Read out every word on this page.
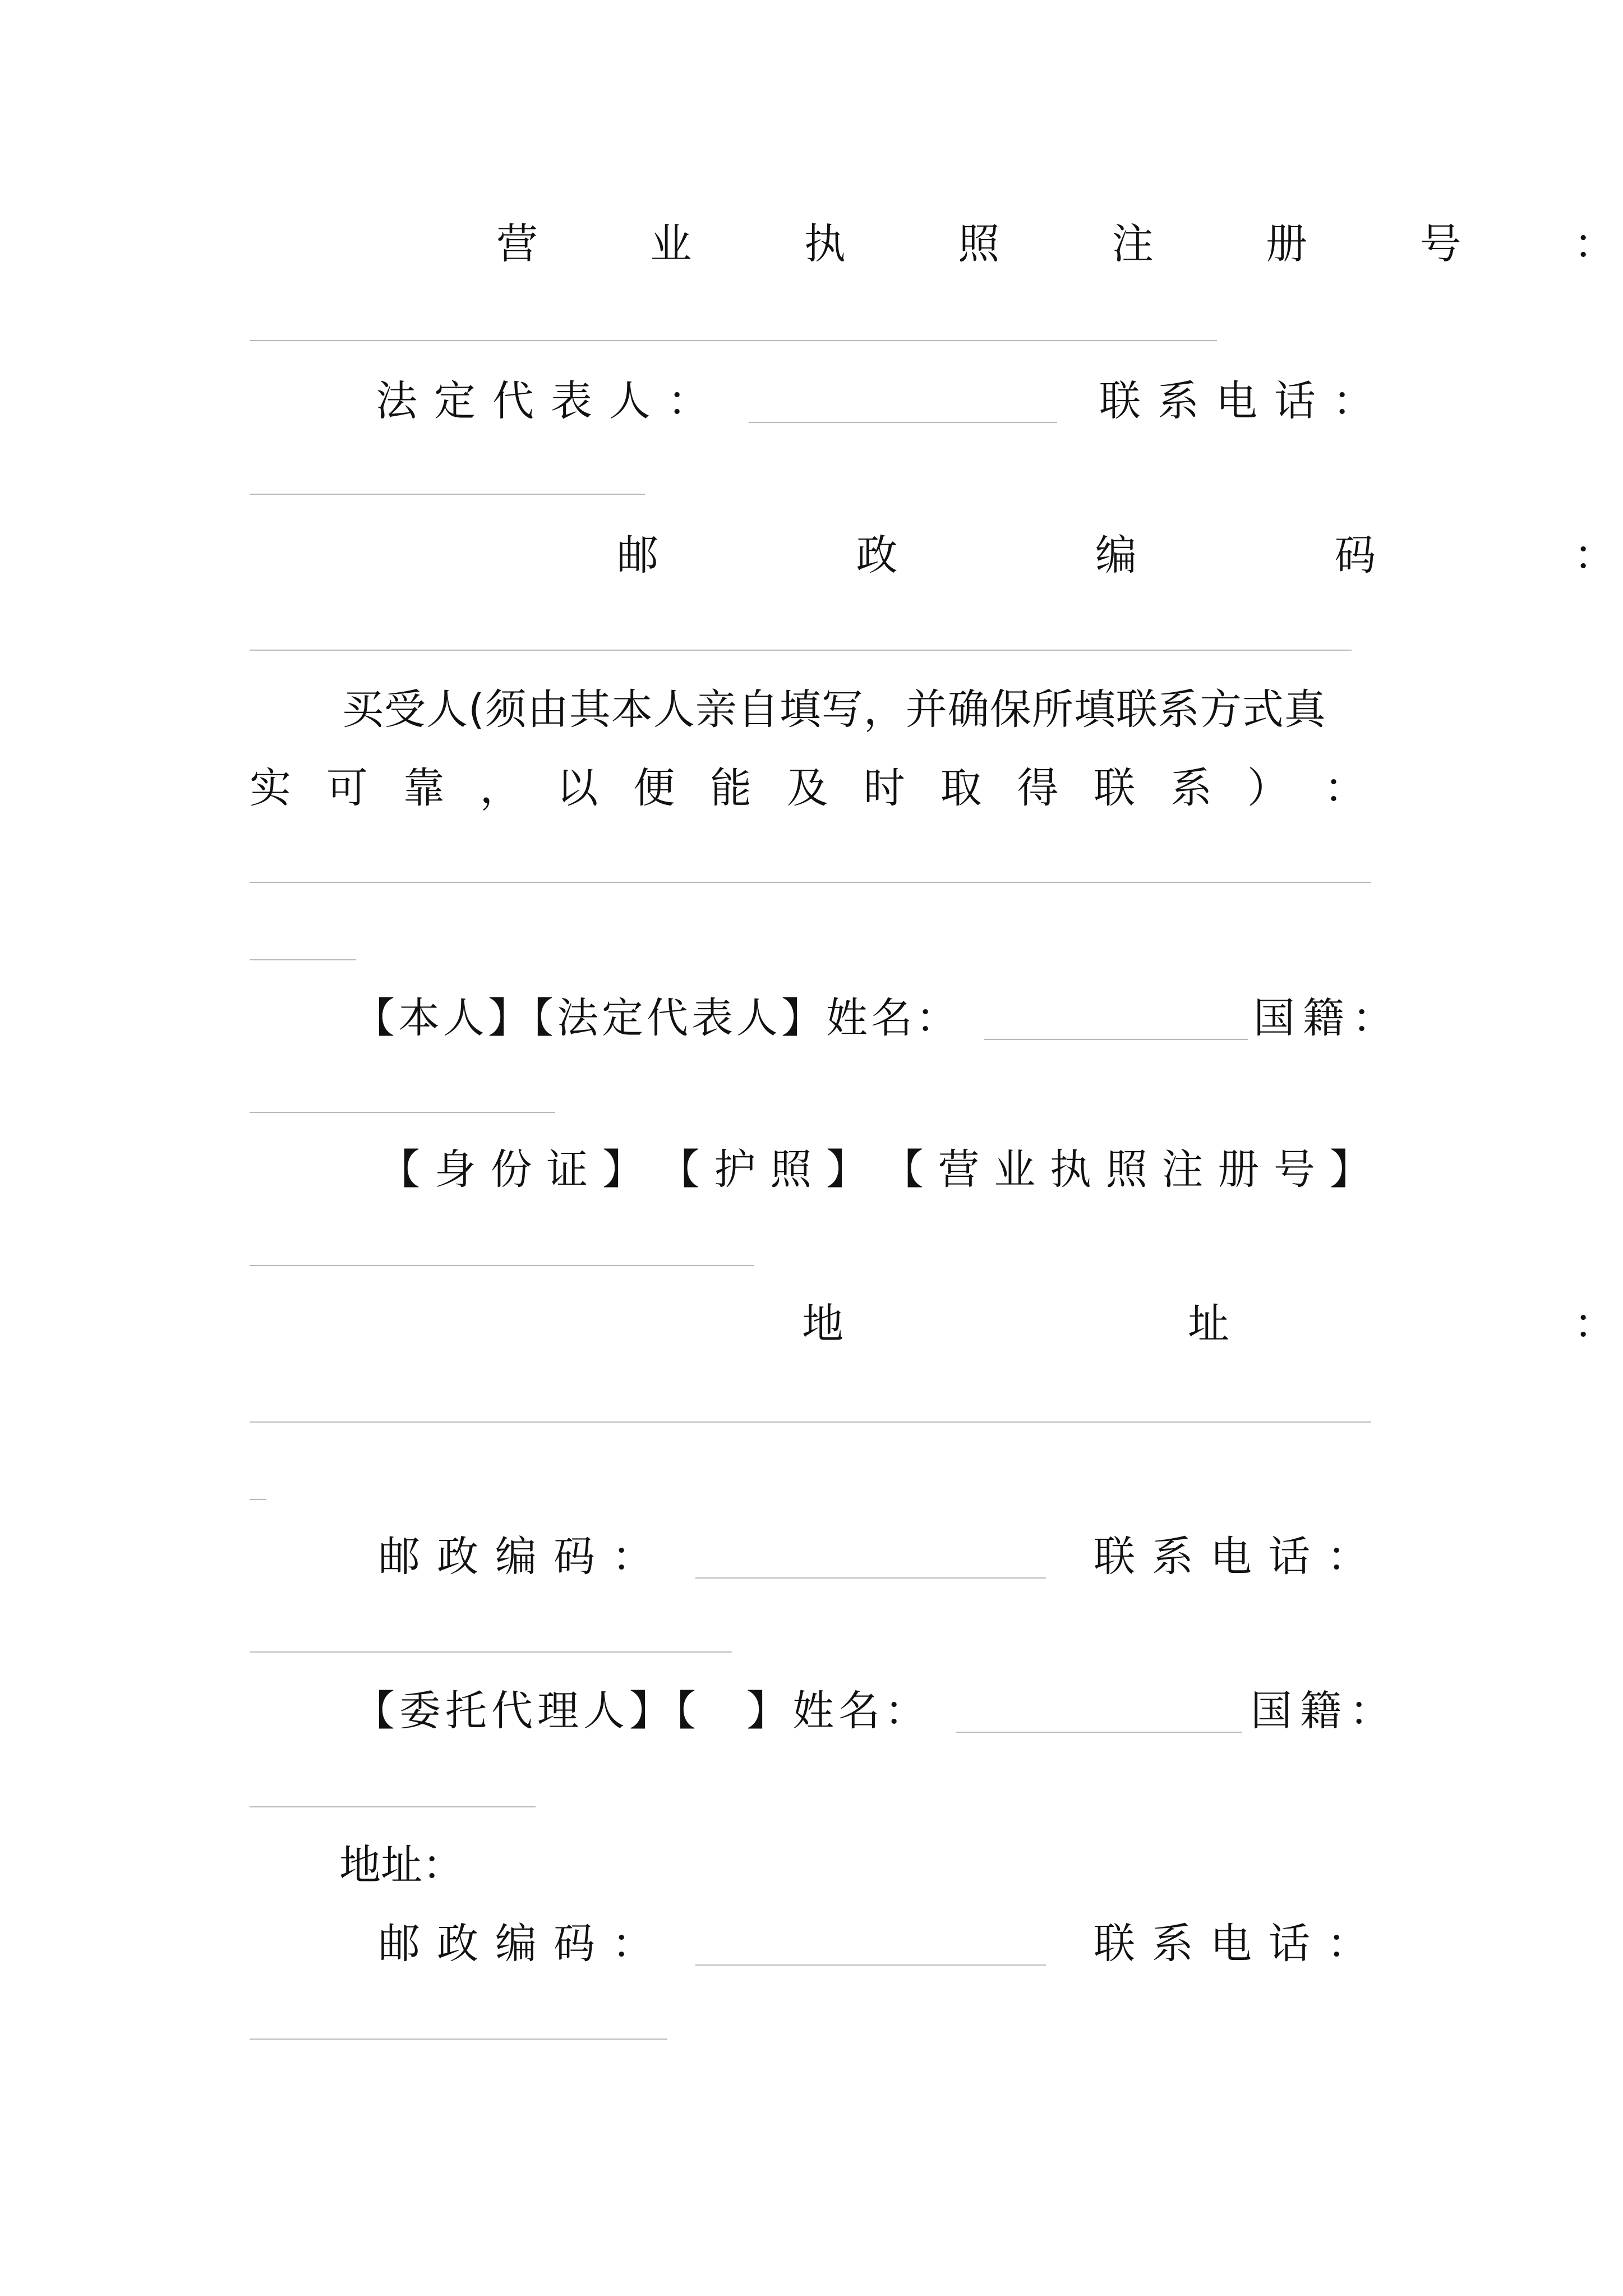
营	业	执	照	注	册	号	：
法定代表人：	联系电话：
邮	政	编	码	：
买受人(须由其本人亲自填写，并确保所填联系方式真
实 可 靠 ， 以 便 能 及 时 取 得 联 系 ） ：
【本人】【法定代表人】姓名：	国籍：
【 身 份 证 】 【 护 照 】 【 营 业 执 照 注 册 号 】
地	址	：
邮政编码：	联系电话：
【委托代理人】【　】姓名：	国籍：
地址：
邮政编码：	联系电话：
